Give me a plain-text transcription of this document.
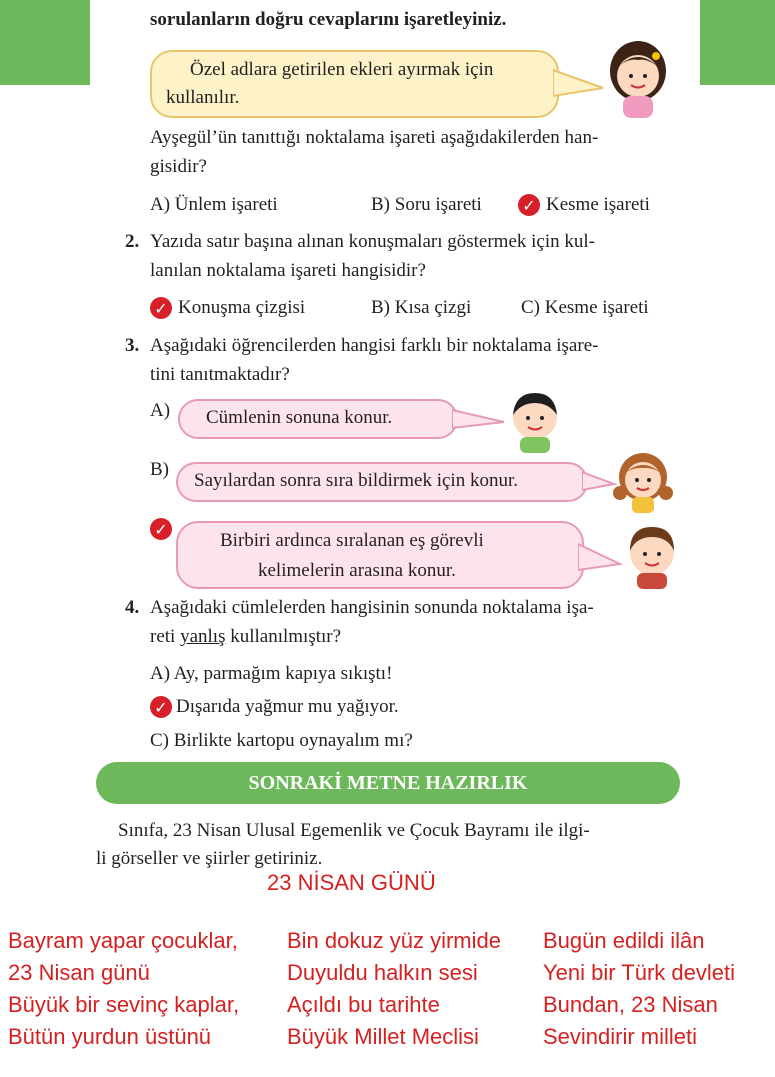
sorulanların doğru cevaplarını işaretleyiniz.
Özel adlara getirilen ekleri ayırmak için
kullanılır.
Ayşegül’ün tanıttığı noktalama işareti aşağıdakilerden han-
gisidir?
A) Ünlem işareti	B) Soru işareti	✓ Kesme işareti
2. Yazıda satır başına alınan konuşmaları göstermek için kul-
lanılan noktalama işareti hangisidir?
✓ Konuşma çizgisi	B) Kısa çizgi	C) Kesme işareti
3. Aşağıdaki öğrencilerden hangisi farklı bir noktalama işare-
tini tanıtmaktadır?
A) Cümlenin sonuna konur.
B)
Sayılardan sonra sıra bildirmek için konur.
✓
Birbiri ardınca sıralanan eş görevli
kelimelerin arasına konur.
4. Aşağıdaki cümlelerden hangisinin sonunda noktalama işa-
reti yanlış kullanılmıştır?
A) Ay, parmağım kapıya sıkıştı!
✓ Dışarıda yağmur mu yağıyor.
C) Birlikte kartopu oynayalım mı?
SONRAKİ METNE HAZIRLIK
Sınıfa, 23 Nisan Ulusal Egemenlik ve Çocuk Bayramı ile ilgi-
li görseller ve şiirler getiriniz.
23 NİSAN GÜNÜ
Bayram yapar çocuklar,
23 Nisan günü
Büyük bir sevinç kaplar,
Bütün yurdun üstünü
Bin dokuz yüz yirmide
Duyuldu halkın sesi
Açıldı bu tarihte
Büyük Millet Meclisi
Bugün edildi ilân
Yeni bir Türk devleti
Bundan, 23 Nisan
Sevindirir milleti
